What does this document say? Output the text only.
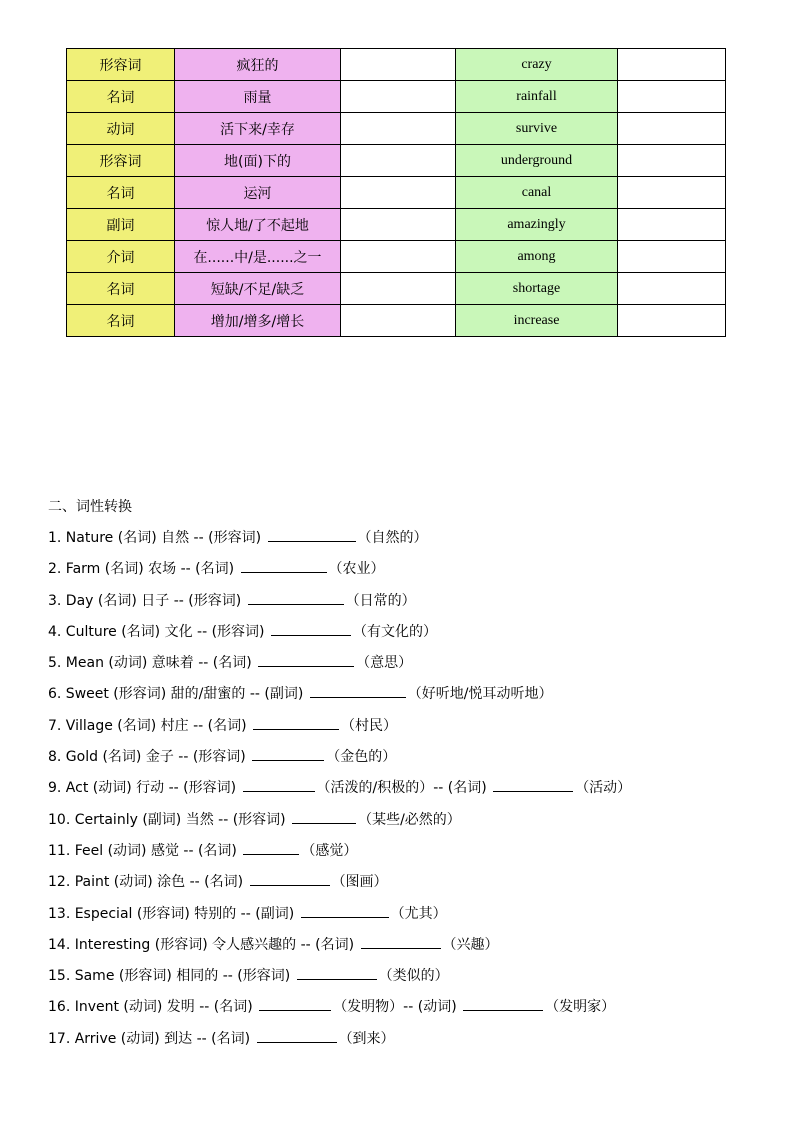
形容词	疯狂的		crazy	
名词	雨量		rainfall	
动词	活下来/幸存		survive	
形容词	地(面)下的		underground	
名词	运河		canal	
副词	惊人地/了不起地		amazingly	
介词	在......中/是......之一		among	
名词	短缺/不足/缺乏		shortage	
名词	增加/增多/增长		increase	
二、词性转换
1. Nature (名词) 自然 -- (形容词)	（自然的）
2. Farm (名词) 农场 -- (名词)	（农业）
3. Day (名词) 日子 -- (形容词)	（日常的）
4. Culture (名词) 文化 -- (形容词)	（有文化的）
5. Mean (动词) 意味着 -- (名词)	（意思）
6. Sweet (形容词) 甜的/甜蜜的 -- (副词)	（好听地/悦耳动听地）
7. Village (名词) 村庄 -- (名词)	（村民）
8. Gold (名词) 金子 -- (形容词)	（金色的）
9. Act (动词) 行动 -- (形容词)	（活泼的/积极的）-- (名词)	（活动）
10. Certainly (副词) 当然 -- (形容词)	（某些/必然的）
11. Feel (动词) 感觉 -- (名词)	（感觉）
12. Paint (动词) 涂色 -- (名词)	（图画）
13. Especial (形容词) 特别的 -- (副词)	（尤其）
14. Interesting (形容词) 令人感兴趣的 -- (名词)	（兴趣）
15. Same (形容词) 相同的 -- (形容词)	（类似的）
16. Invent (动词) 发明 -- (名词)	（发明物）-- (动词)	（发明家）
17. Arrive (动词) 到达 -- (名词)	（到来）
